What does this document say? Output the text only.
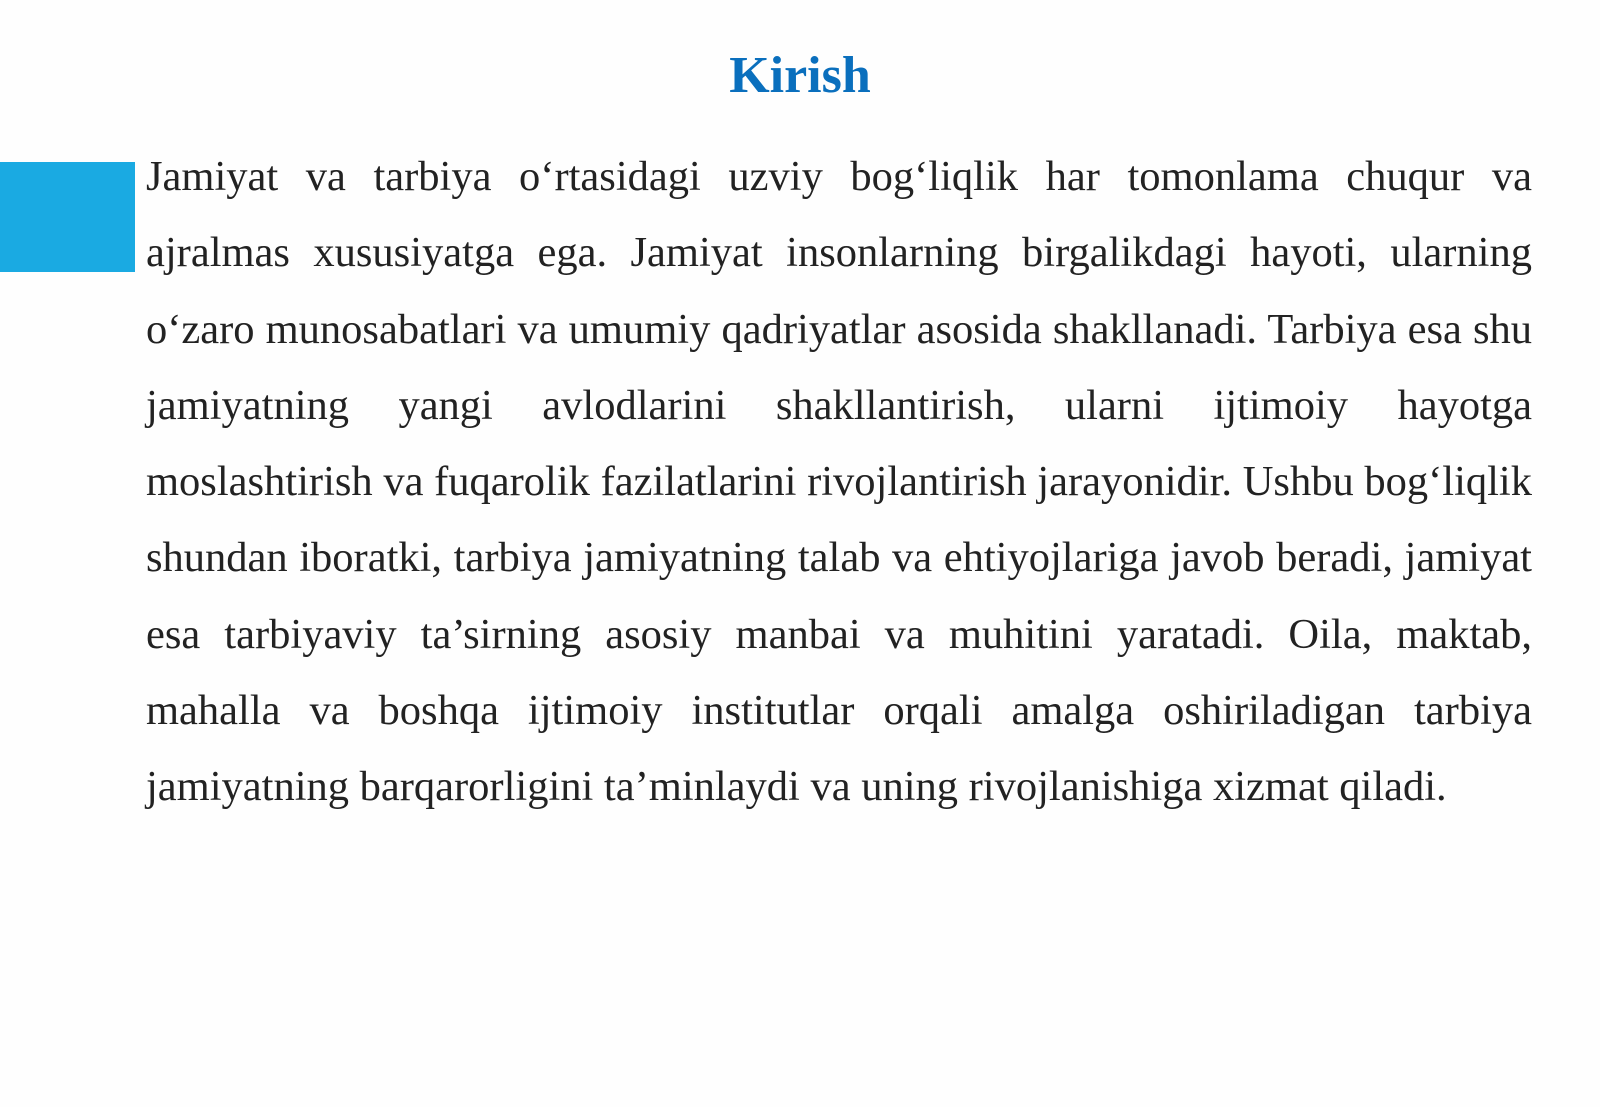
Kirish

Jamiyat va tarbiya o‘rtasidagi uzviy bog‘liqlik har tomonlama chuqur va ajralmas xususiyatga ega. Jamiyat insonlarning birgalikdagi hayoti, ularning o‘zaro munosabatlari va umumiy qadriyatlar asosida shakllanadi. Tarbiya esa shu jamiyatning yangi avlodlarini shakllantirish, ularni ijtimoiy hayotga moslashtirish va fuqarolik fazilatlarini rivojlantirish jarayonidir. Ushbu bog‘liqlik shundan iboratki, tarbiya jamiyatning talab va ehtiyojlariga javob beradi, jamiyat esa tarbiyaviy ta’sirning asosiy manbai va muhitini yaratadi. Oila, maktab, mahalla va boshqa ijtimoiy institutlar orqali amalga oshiriladigan tarbiya jamiyatning barqarorligini ta’minlaydi va uning rivojlanishiga xizmat qiladi.
